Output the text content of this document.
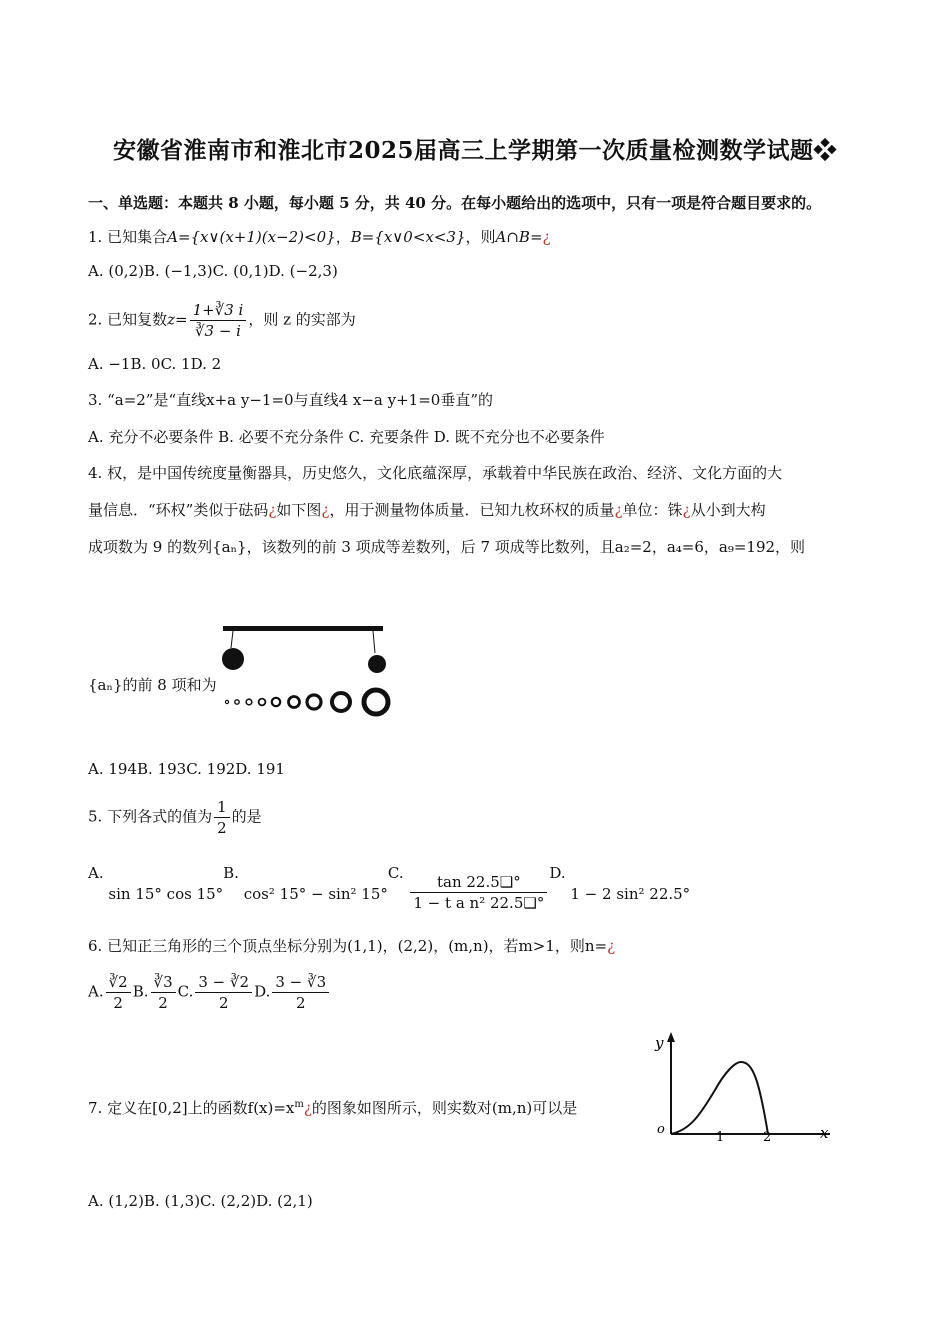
安徽省淮南市和淮北市2025届高三上学期第一次质量检测数学试题❖
一、单选题：本题共 8 小题，每小题 5 分，共 40 分。在每小题给出的选项中，只有一项是符合题目要求的。
1. 已知集合A={x∨(x+1)(x−2)<0}，B={x∨0<x<3}，则A∩B=¿
A. (0,2)B. (−1,3)C. (0,1)D. (−2,3)
2. 已知复数$z= \frac{1+∛3 i}{∛3 - i}$ ，则 z 的实部为
A. −1B. 0C. 1D. 2
3. “a=2”是“直线x+a y−1=0与直线4 x−a y+1=0垂直”的
A. 充分不必要条件 B. 必要不充分条件 C. 充要条件 D. 既不充分也不必要条件
4. 权，是中国传统度量衡器具，历史悠久，文化底蕴深厚，承载着中华民族在政治、经济、文化方面的大
量信息．“环权”类似于砝码¿如下图¿，用于测量物体质量．已知九枚环权的质量¿单位：铢¿从小到大构
成项数为 9 的数列{aₙ}，该数列的前 3 项成等差数列，后 7 项成等比数列，且a₂=2，a₄=6，a₉=192，则
{aₙ}的前 8 项和为
A. 194B. 193C. 192D. 191
5. 下列各式的值为 $\frac{1}{2}$ 的是
A. sin 15° cos 15°B. cos² 15° − sin² 15°C. $\frac{\tan 22.5❑^\circ}{\text{1 − t a n² 22.5❑°}} D$. 1 − 2 sin² 22.5°
6. 已知正三角形的三个顶点坐标分别为(1,1)，(2,2)，(m,n)，若m>1，则n=¿
A. $\frac{∛2}{2} B$. $\frac{∛3}{2} C$. $\frac{3 - ∛2}{2} D$. $\frac{3 - ∛3}{2}$
7. 定义在[0,2]上的函数$f(x)=x^m¿$的图象如图所示，则实数对(m,n)可以是
y
x
o
1	2
A. (1,2)B. (1,3)C. (2,2)D. (2,1)
